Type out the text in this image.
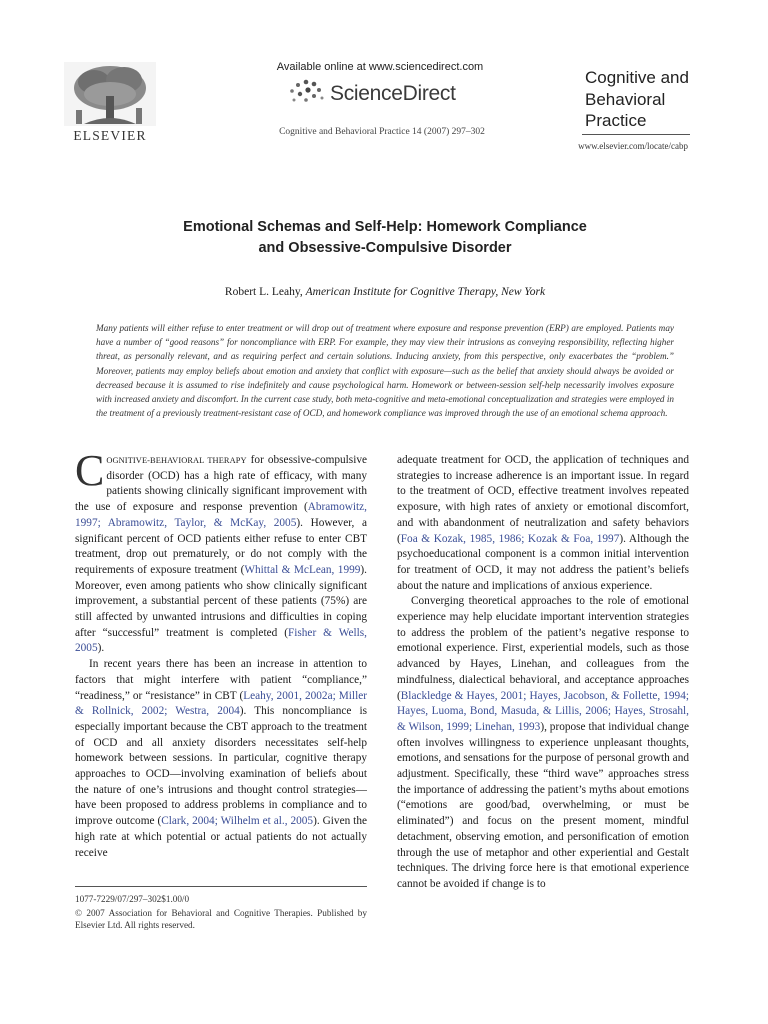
ELSEVIER
Available online at www.sciencedirect.com
ScienceDirect
Cognitive and Behavioral Practice 14 (2007) 297–302
Cognitive and
Behavioral
Practice
www.elsevier.com/locate/cabp
Emotional Schemas and Self-Help: Homework Compliance
and Obsessive-Compulsive Disorder
Robert L. Leahy, American Institute for Cognitive Therapy, New York
Many patients will either refuse to enter treatment or will drop out of treatment where exposure and response prevention (ERP) are employed. Patients may have a number of “good reasons” for noncompliance with ERP. For example, they may view their intrusions as conveying responsibility, reflecting higher threat, as personally relevant, and as requiring perfect and certain solutions. Inducing anxiety, from this perspective, only exacerbates the “problem.” Moreover, patients may employ beliefs about emotion and anxiety that conflict with exposure—such as the belief that anxiety should always be avoided or decreased because it is assumed to rise indefinitely and cause psychological harm. Homework or between-session self-help necessarily involves exposure with increased anxiety and discomfort. In the current case study, both meta-cognitive and meta-emotional conceptualization and strategies were employed in the treatment of a previously treatment-resistant case of OCD, and homework compliance was improved through the use of an emotional schema approach.

COGNITIVE-BEHAVIORAL THERAPY for obsessive-compulsive disorder (OCD) has a high rate of efficacy, with many patients showing clinically significant improvement with the use of exposure and response prevention (Abramowitz, 1997; Abramowitz, Taylor, & McKay, 2005). However, a significant percent of OCD patients either refuse to enter CBT treatment, drop out prematurely, or do not comply with the requirements of exposure treatment (Whittal & McLean, 1999). Moreover, even among patients who show clinically significant improvement, a substantial percent of these patients (75%) are still affected by unwanted intrusions and difficulties in coping after “successful” treatment is completed (Fisher & Wells, 2005).

In recent years there has been an increase in attention to factors that might interfere with patient “compliance,” “readiness,” or “resistance” in CBT (Leahy, 2001, 2002a; Miller & Rollnick, 2002; Westra, 2004). This noncompliance is especially important because the CBT approach to the treatment of OCD and all anxiety disorders necessitates self-help homework between sessions. In particular, cognitive therapy approaches to OCD—involving examination of beliefs about the nature of one’s intrusions and thought control strategies—have been proposed to address problems in compliance and to improve outcome (Clark, 2004; Wilhelm et al., 2005). Given the high rate at which potential or actual patients do not actually receive

adequate treatment for OCD, the application of techniques and strategies to increase adherence is an important issue. In regard to the treatment of OCD, effective treatment involves repeated exposure, with high rates of anxiety or emotional discomfort, and with abandonment of neutralization and safety behaviors (Foa & Kozak, 1985, 1986; Kozak & Foa, 1997). Although the psychoeducational component is a common initial intervention for treatment of OCD, it may not address the patient’s beliefs about the nature and implications of anxious experience.

Converging theoretical approaches to the role of emotional experience may help elucidate important intervention strategies to address the problem of the patient’s negative response to emotional experience. First, experiential models, such as those advanced by Hayes, Linehan, and colleagues from the mindfulness, dialectical behavioral, and acceptance approaches (Blackledge & Hayes, 2001; Hayes, Jacobson, & Follette, 1994; Hayes, Luoma, Bond, Masuda, & Lillis, 2006; Hayes, Strosahl, & Wilson, 1999; Linehan, 1993), propose that individual change often involves willingness to experience unpleasant thoughts, emotions, and sensations for the purpose of personal growth and adjustment. Specifically, these “third wave” approaches stress the importance of addressing the patient’s myths about emotions (“emotions are good/bad, overwhelming, or must be eliminated”) and focus on the present moment, mindful detachment, observing emotion, and personification of emotion through the use of metaphor and other experiential and Gestalt techniques. The driving force here is that emotional experience cannot be avoided if change is to

1077-7229/07/297–302$1.00/0
© 2007 Association for Behavioral and Cognitive Therapies. Published by Elsevier Ltd. All rights reserved.
